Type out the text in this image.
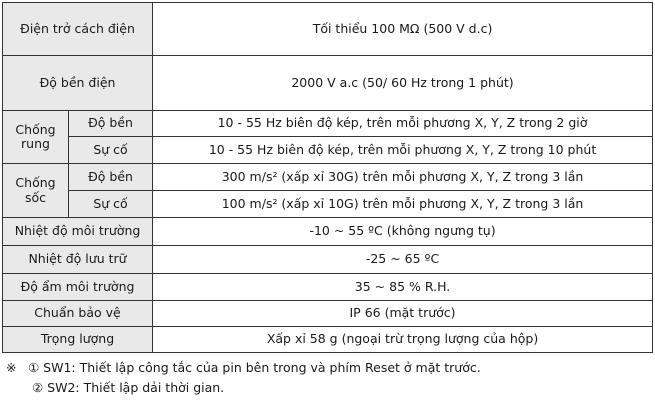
Điện trở cách điện		Tối thiểu 100 MΩ (500 V d.c)
Độ bền điện		2000 V a.c (50/ 60 Hz trong 1 phút)
Chống rung	Độ bền	10 - 55 Hz biên độ kép, trên mỗi phương X, Y, Z trong 2 giờ
	Sự cố	10 - 55 Hz biên độ kép, trên mỗi phương X, Y, Z trong 10 phút
Chống sốc	Độ bền	300 m/s² (xấp xỉ 30G) trên mỗi phương X, Y, Z trong 3 lần
	Sự cố	100 m/s² (xấp xỉ 10G) trên mỗi phương X, Y, Z trong 3 lần
Nhiệt độ môi trường		-10 ~ 55 ºC (không ngưng tụ)
Nhiệt độ lưu trữ		-25 ~ 65 ºC
Độ ẩm môi trường		35 ~ 85 % R.H.
Chuẩn bảo vệ		IP 66 (mặt trước)
Trọng lượng		Xấp xỉ 58 g (ngoại trừ trọng lượng của hộp)
※ ① SW1: Thiết lập công tắc của pin bên trong và phím Reset ở mặt trước.
② SW2: Thiết lập dải thời gian.
